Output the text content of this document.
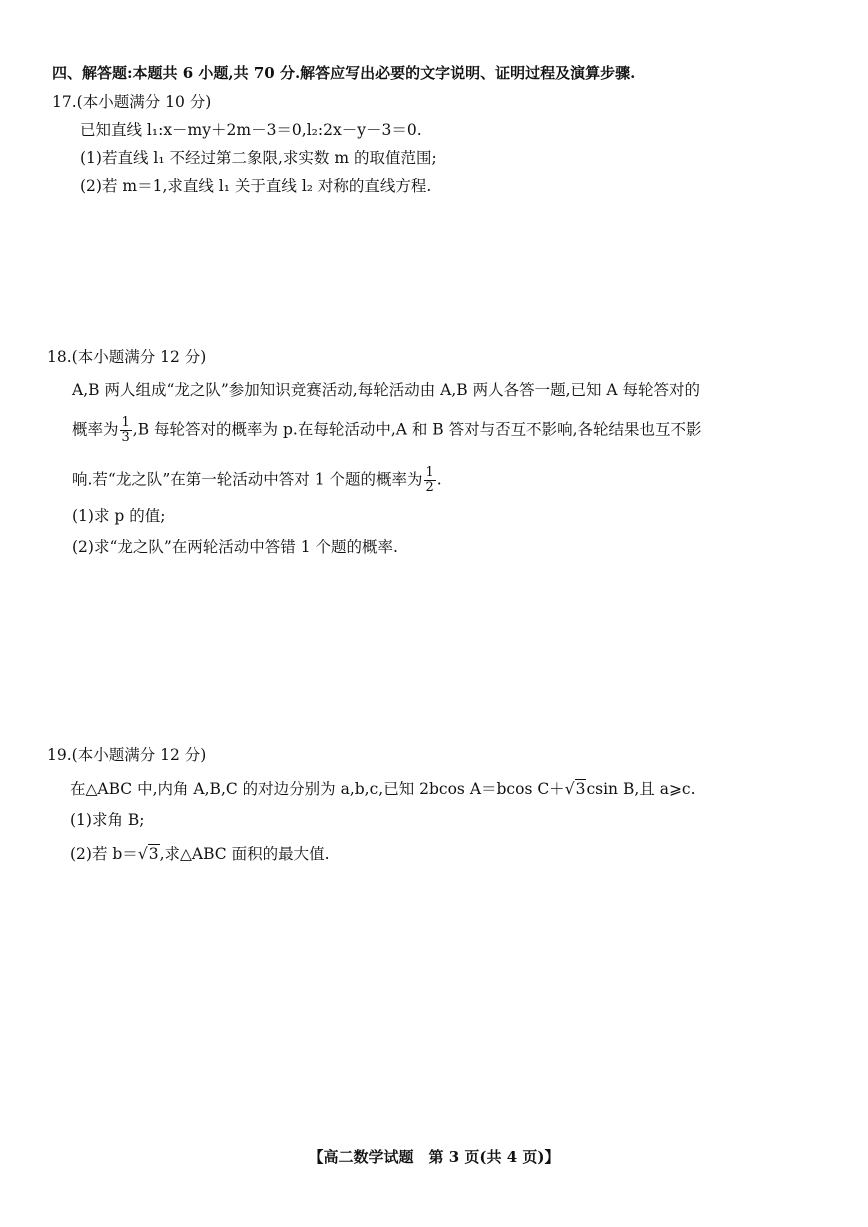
四、解答题:本题共 6 小题,共 70 分.解答应写出必要的文字说明、证明过程及演算步骤.
17.(本小题满分 10 分)
已知直线 l₁:x－my＋2m－3＝0,l₂:2x－y－3＝0.
(1)若直线 l₁ 不经过第二象限,求实数 m 的取值范围;
(2)若 m＝1,求直线 l₁ 关于直线 l₂ 对称的直线方程.
18.(本小题满分 12 分)
A,B 两人组成“龙之队”参加知识竞赛活动,每轮活动由 A,B 两人各答一题,已知 A 每轮答对的
概率为 $\frac{1}{3} ,B$ 每轮答对的概率为 p.在每轮活动中,A 和 B 答对与否互不影响,各轮结果也互不影
响.若“龙之队”在第一轮活动中答对 1 个题的概率为 $\frac{1}{2}$ .
(1)求 p 的值;
(2)求“龙之队”在两轮活动中答错 1 个题的概率.
19.(本小题满分 12 分)
在△ABC 中,内角 A,B,C 的对边分别为 a,b,c,已知 2bcos A＝bcos C＋√3csin B,且 a⩾c.
(1)求角 B;
(2)若 b＝√3,求△ABC 面积的最大值.
【高二数学试题　第 3 页(共 4 页)】
